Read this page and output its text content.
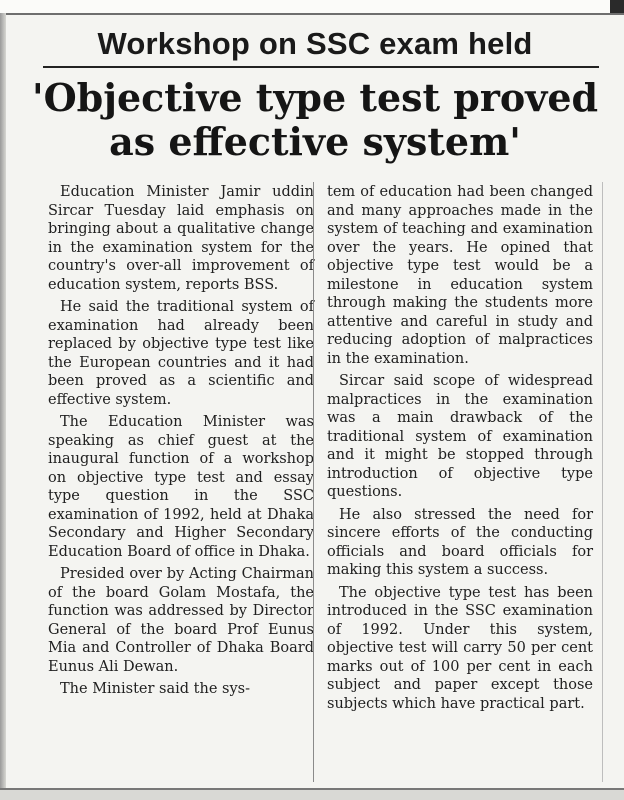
Workshop on SSC exam held
'Objective type test proved
as effective system'

Education Minister Jamir uddin Sircar Tuesday laid emphasis on bringing about a qualitative change in the examination system for the country's over-all improvement of education system, reports BSS.

He said the traditional system of examination had already been replaced by objective type test like the European countries and it had been proved as a scientific and effective system.

The Education Minister was speaking as chief guest at the inaugural function of a workshop on objective type test and essay type question in the SSC examination of 1992, held at Dhaka Secondary and Higher Secondary Education Board of office in Dhaka.

Presided over by Acting Chairman of the board Golam Mostafa, the function was addressed by Director General of the board Prof Eunus Mia and Controller of Dhaka Board Eunus Ali Dewan.

The Minister said the sys-

tem of education had been changed and many approaches made in the system of teaching and examination over the years. He opined that objective type test would be a milestone in education system through making the students more attentive and careful in study and reducing adoption of malpractices in the examination.

Sircar said scope of widespread malpractices in the examination was a main drawback of the traditional system of examination and it might be stopped through introduction of objective type questions.

He also stressed the need for sincere efforts of the conducting officials and board officials for making this system a success.

The objective type test has been introduced in the SSC examination of 1992. Under this system, objective test will carry 50 per cent marks out of 100 per cent in each subject and paper except those subjects which have practical part.
